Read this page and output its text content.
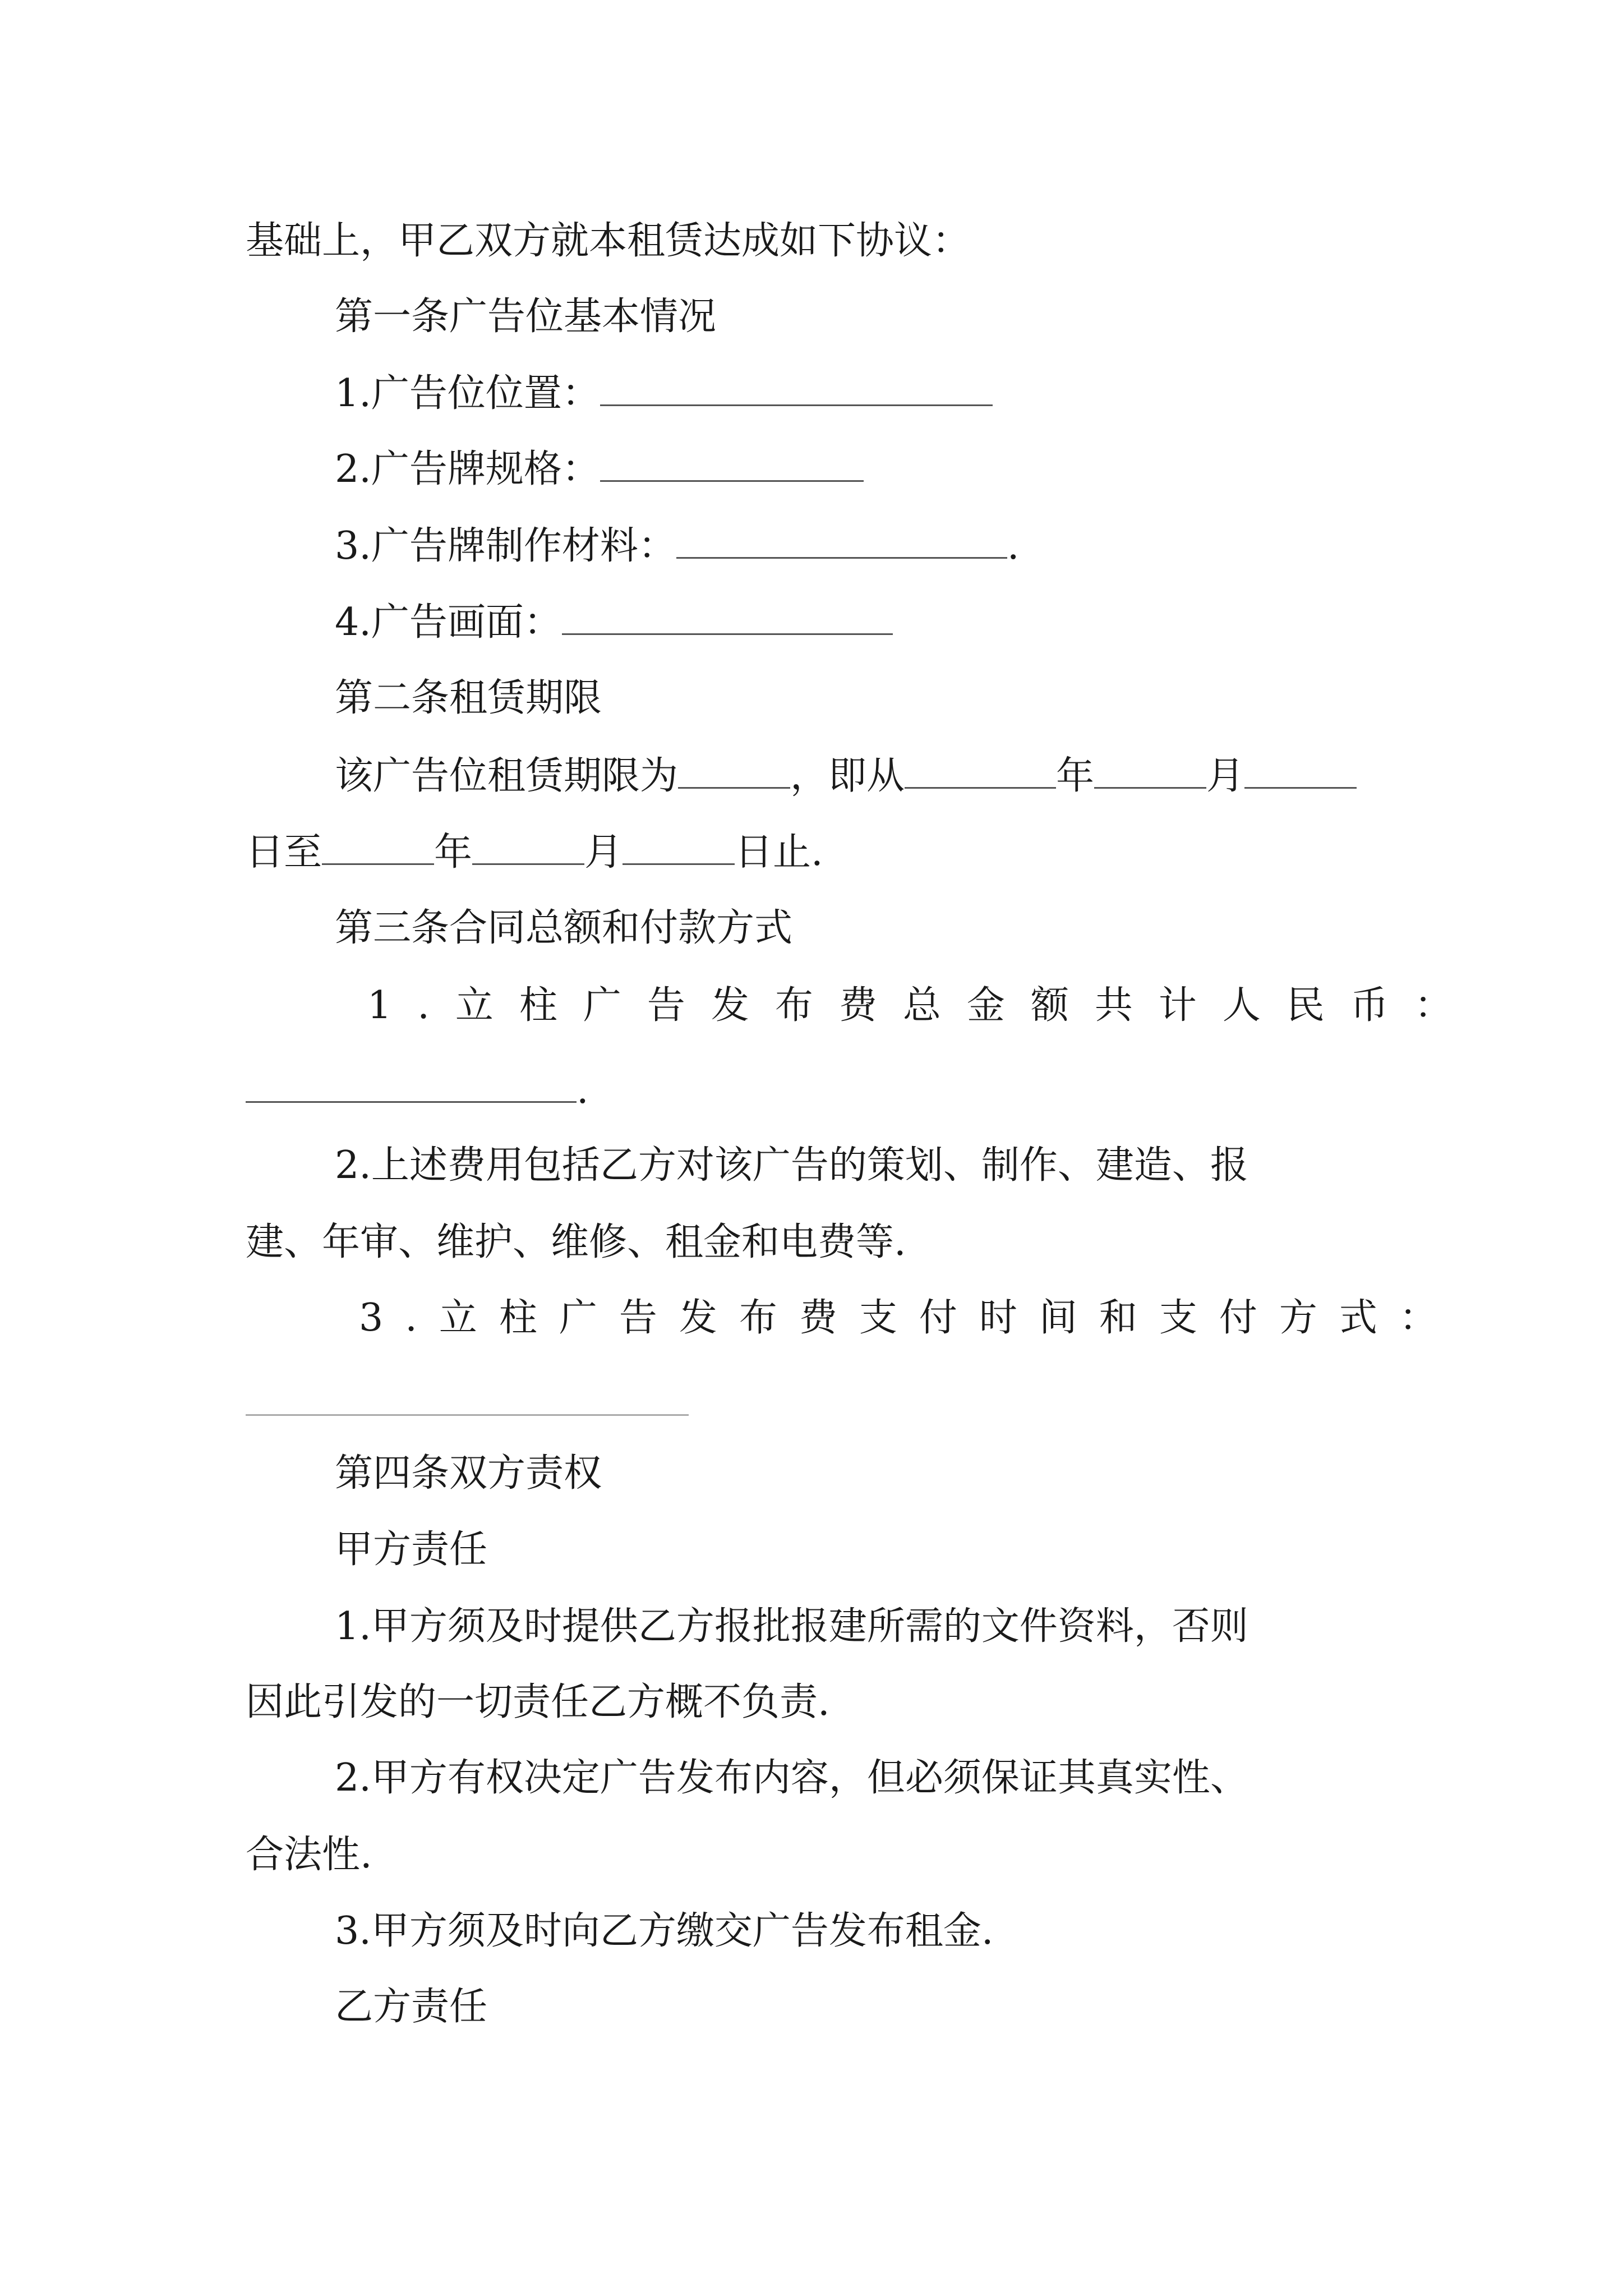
基础上，甲乙双方就本租赁达成如下协议：
第一条广告位基本情况
1.广告位位置：
2.广告牌规格：
3.广告牌制作材料：	.
4.广告画面：
第二条租赁期限
该广告位租赁期限为	，即从	年	月
日至	年	月	日止.
第三条合同总额和付款方式
1.立柱广告发布费总金额共计人民币：
.
2.上述费用包括乙方对该广告的策划、制作、建造、报
建、年审、维护、维修、租金和电费等.
3.立柱广告发布费支付时间和支付方式：
第四条双方责权
甲方责任
1.甲方须及时提供乙方报批报建所需的文件资料，否则
因此引发的一切责任乙方概不负责.
2.甲方有权决定广告发布内容，但必须保证其真实性、
合法性.
3.甲方须及时向乙方缴交广告发布租金.
乙方责任
